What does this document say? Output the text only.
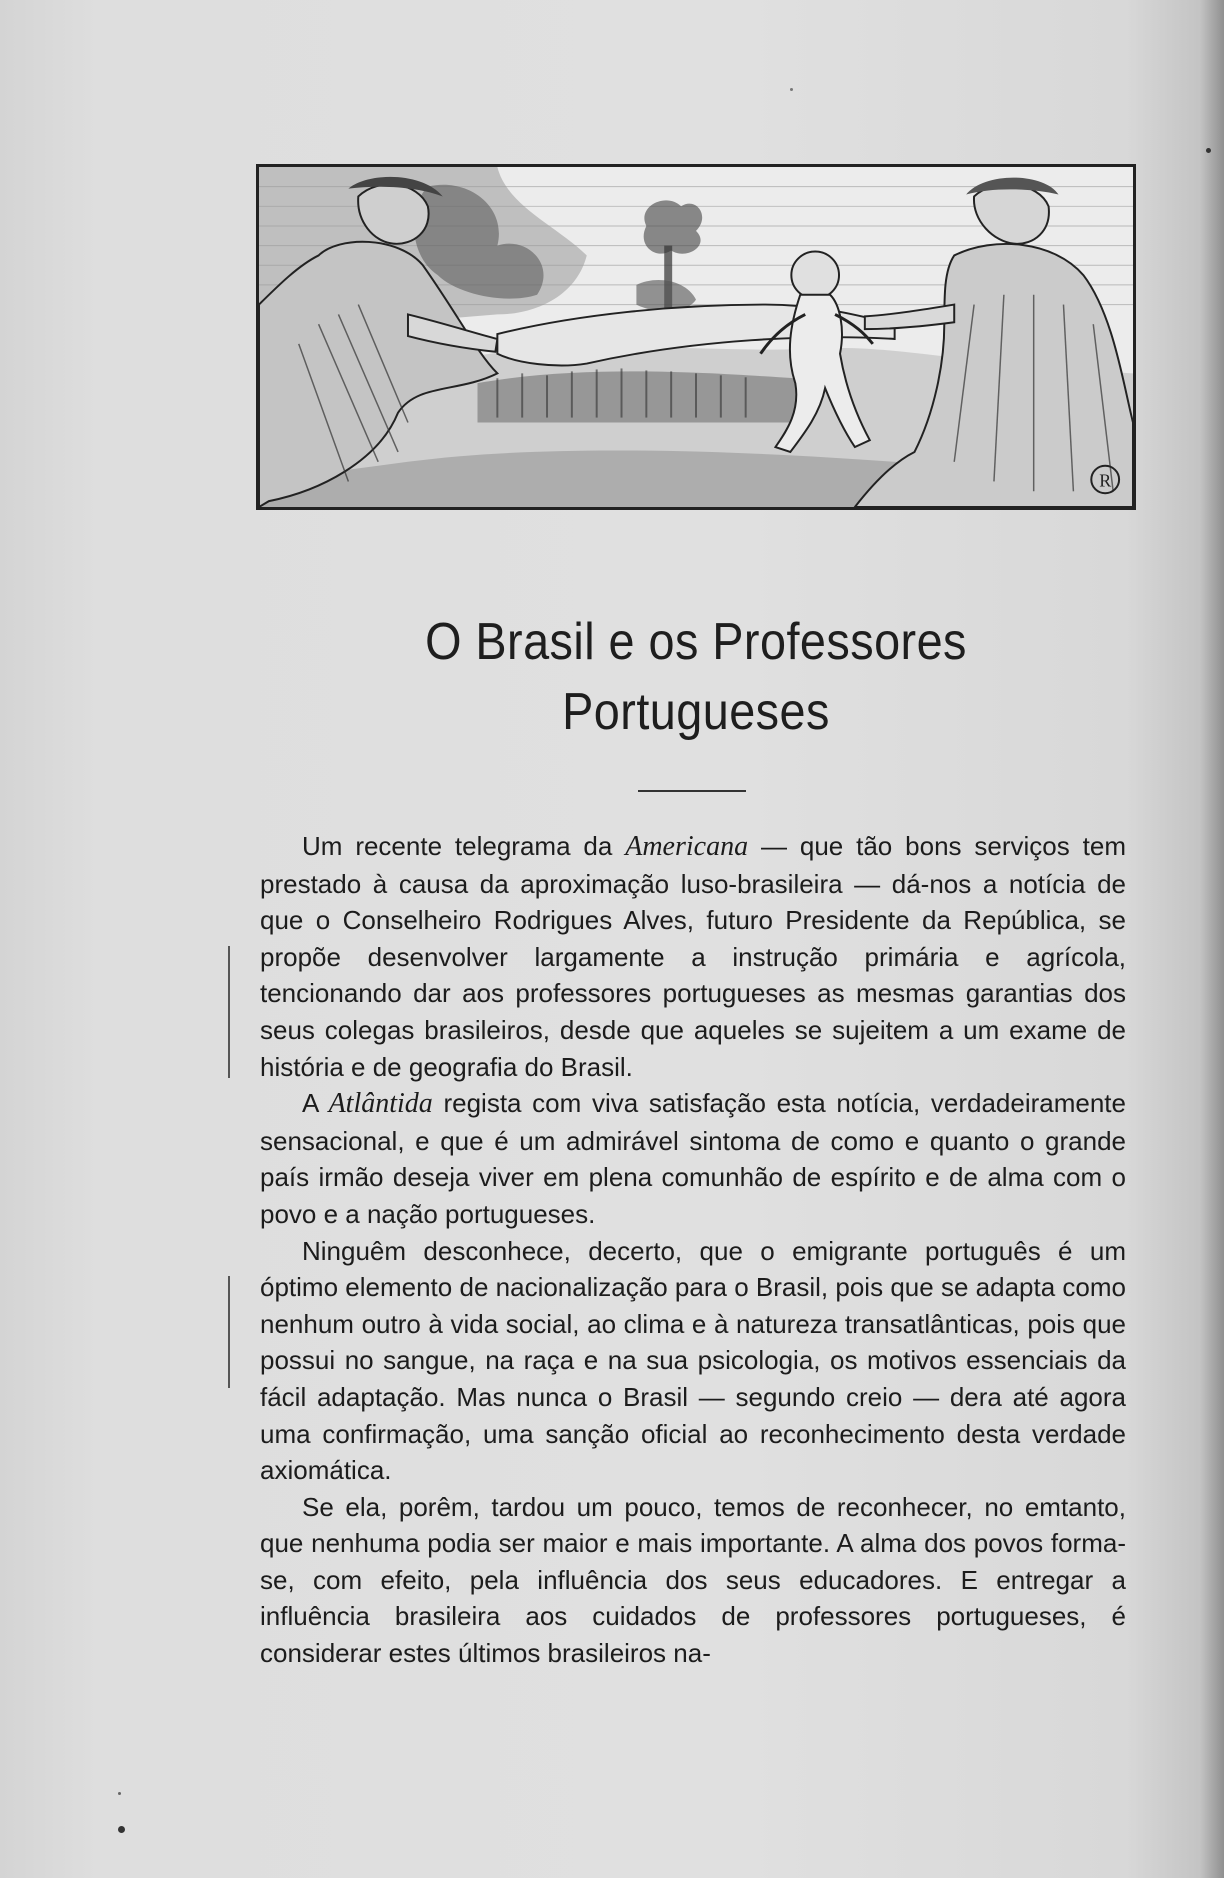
R
O Brasil e os Professores
Portugueses

Um recente telegrama da Americana — que tão bons serviços tem prestado à causa da aproximação luso-brasileira — dá-nos a notícia de que o Conselheiro Rodrigues Alves, futuro Presidente da República, se propõe desenvolver largamente a instrução primária e agrícola, tencionando dar aos professores portugueses as mesmas garantias dos seus colegas brasileiros, desde que aqueles se sujeitem a um exame de história e de geografia do Brasil.

A Atlântida regista com viva satisfação esta notícia, verdadeiramente sensacional, e que é um admirável sintoma de como e quanto o grande país irmão deseja viver em plena comunhão de espírito e de alma com o povo e a nação portugueses.

Ninguêm desconhece, decerto, que o emigrante português é um óptimo elemento de nacionalização para o Brasil, pois que se adapta como nenhum outro à vida social, ao clima e à natureza transatlânticas, pois que possui no sangue, na raça e na sua psicologia, os motivos essenciais da fácil adaptação. Mas nunca o Brasil — segundo creio — dera até agora uma confirmação, uma sanção oficial ao reconhecimento desta verdade axiomática.

Se ela, porêm, tardou um pouco, temos de reconhecer, no emtanto, que nenhuma podia ser maior e mais importante. A alma dos povos forma-se, com efeito, pela influência dos seus educadores. E entregar a influência brasileira aos cuidados de professores portugueses, é considerar estes últimos brasileiros na-
